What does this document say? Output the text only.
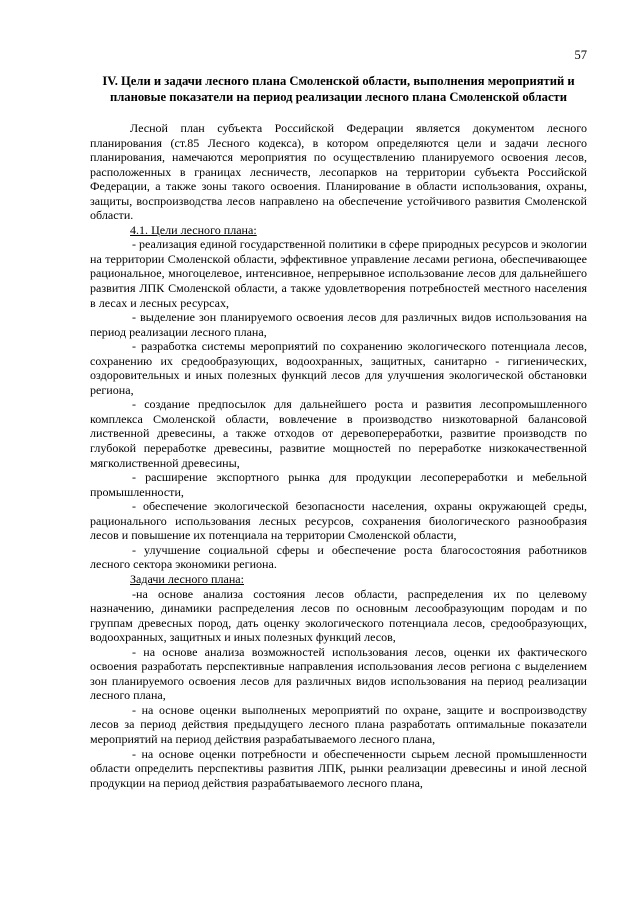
57
IV. Цели и задачи лесного плана Смоленской области, выполнения мероприятий и плановые показатели на период реализации лесного плана Смоленской области

Лесной план субъекта Российской Федерации является документом лесного планирования (ст.85 Лесного кодекса), в котором определяются цели и задачи лесного планирования, намечаются мероприятия по осуществлению планируемого освоения лесов, расположенных в границах лесничеств, лесопарков на территории субъекта Российской Федерации, а также зоны такого освоения. Планирование в области использования, охраны, защиты, воспроизводства лесов направлено на обеспечение устойчивого развития Смоленской области.

4.1. Цели лесного плана:

- реализация единой государственной политики в сфере природных ресурсов и экологии на территории Смоленской области, эффективное управление лесами региона, обеспечивающее рациональное, многоцелевое, интенсивное, непрерывное использование лесов для дальнейшего развития ЛПК Смоленской области, а также удовлетворения потребностей местного населения в лесах и лесных ресурсах,

- выделение зон планируемого освоения лесов для различных видов использования на период реализации лесного плана,

- разработка системы мероприятий по сохранению экологического потенциала лесов, сохранению их средообразующих, водоохранных, защитных, санитарно - гигиенических, оздоровительных и иных полезных функций лесов для улучшения экологической обстановки региона,

- создание предпосылок для дальнейшего роста и развития лесопромышленного комплекса Смоленской области, вовлечение в производство низкотоварной балансовой лиственной древесины, а также отходов от деревопереработки, развитие производств по глубокой переработке древесины, развитие мощностей по переработке низкокачественной мягколиственной древесины,

- расширение экспортного рынка для продукции лесопереработки и мебельной промышленности,

- обеспечение экологической безопасности населения, охраны окружающей среды, рационального использования лесных ресурсов, сохранения биологического разнообразия лесов и повышение их потенциала на территории Смоленской области,

- улучшение социальной сферы и обеспечение роста благосостояния работников лесного сектора экономики региона.

Задачи лесного плана:

-на основе анализа состояния лесов области, распределения их по целевому назначению, динамики распределения лесов по основным лесообразующим породам и по группам древесных пород, дать оценку экологического потенциала лесов, средообразующих, водоохранных, защитных и иных полезных функций лесов,

- на основе анализа возможностей использования лесов, оценки их фактического освоения разработать перспективные направления использования лесов региона с выделением зон планируемого освоения лесов для различных видов использования на период реализации лесного плана,

- на основе оценки выполненых мероприятий по охране, защите и воспроизводству лесов за период действия предыдущего лесного плана разработать оптимальные показатели мероприятий на период действия разрабатываемого лесного плана,

- на основе оценки потребности и обеспеченности сырьем лесной промышленности области определить перспективы развития ЛПК, рынки реализации древесины и иной лесной продукции на период действия разрабатываемого лесного плана,
